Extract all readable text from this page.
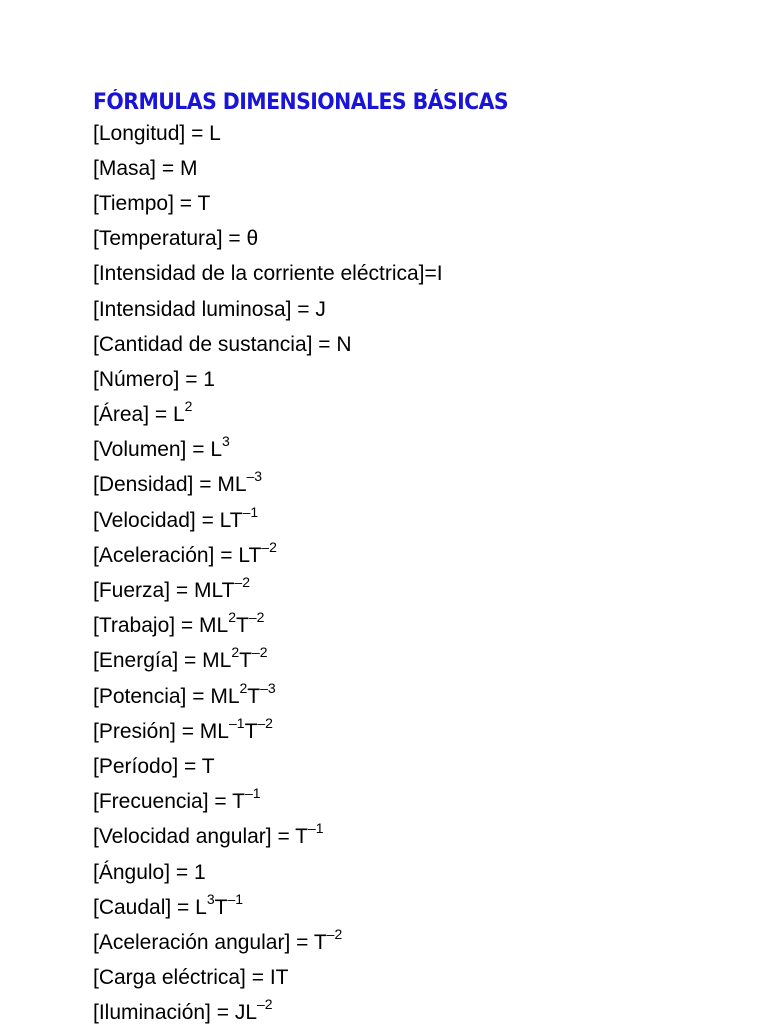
FÓRMULAS DIMENSIONALES BÁSICAS
[Longitud] = L
[Masa] = M
[Tiempo] = T
[Temperatura] = θ
[Intensidad de la corriente eléctrica]=I
[Intensidad luminosa] = J
[Cantidad de sustancia] = N
[Número] = 1
[Área] = $L^2$
[Volumen] = $L^3$
[Densidad] = $ML^{-3}$
[Velocidad] = $LT^{-1}$
[Aceleración] = $LT^{-2}$
[Fuerza] = $MLT^{-2}$
[Trabajo] = $ML^2$ $T^{-2}$
[Energía] = $ML^2$ $T^{-2}$
[Potencia] = $ML^2$ $T^{-3}$
[Presión] = $ML^{-1}$ $T^{-2}$
[Período] = T
[Frecuencia] = $T^{-1}$
[Velocidad angular] = $T^{-1}$
[Ángulo] = 1
[Caudal] = $L^3$ $T^{-1}$
[Aceleración angular] = $T^{-2}$
[Carga eléctrica] = IT
[Iluminación] = $JL^{-2}$
